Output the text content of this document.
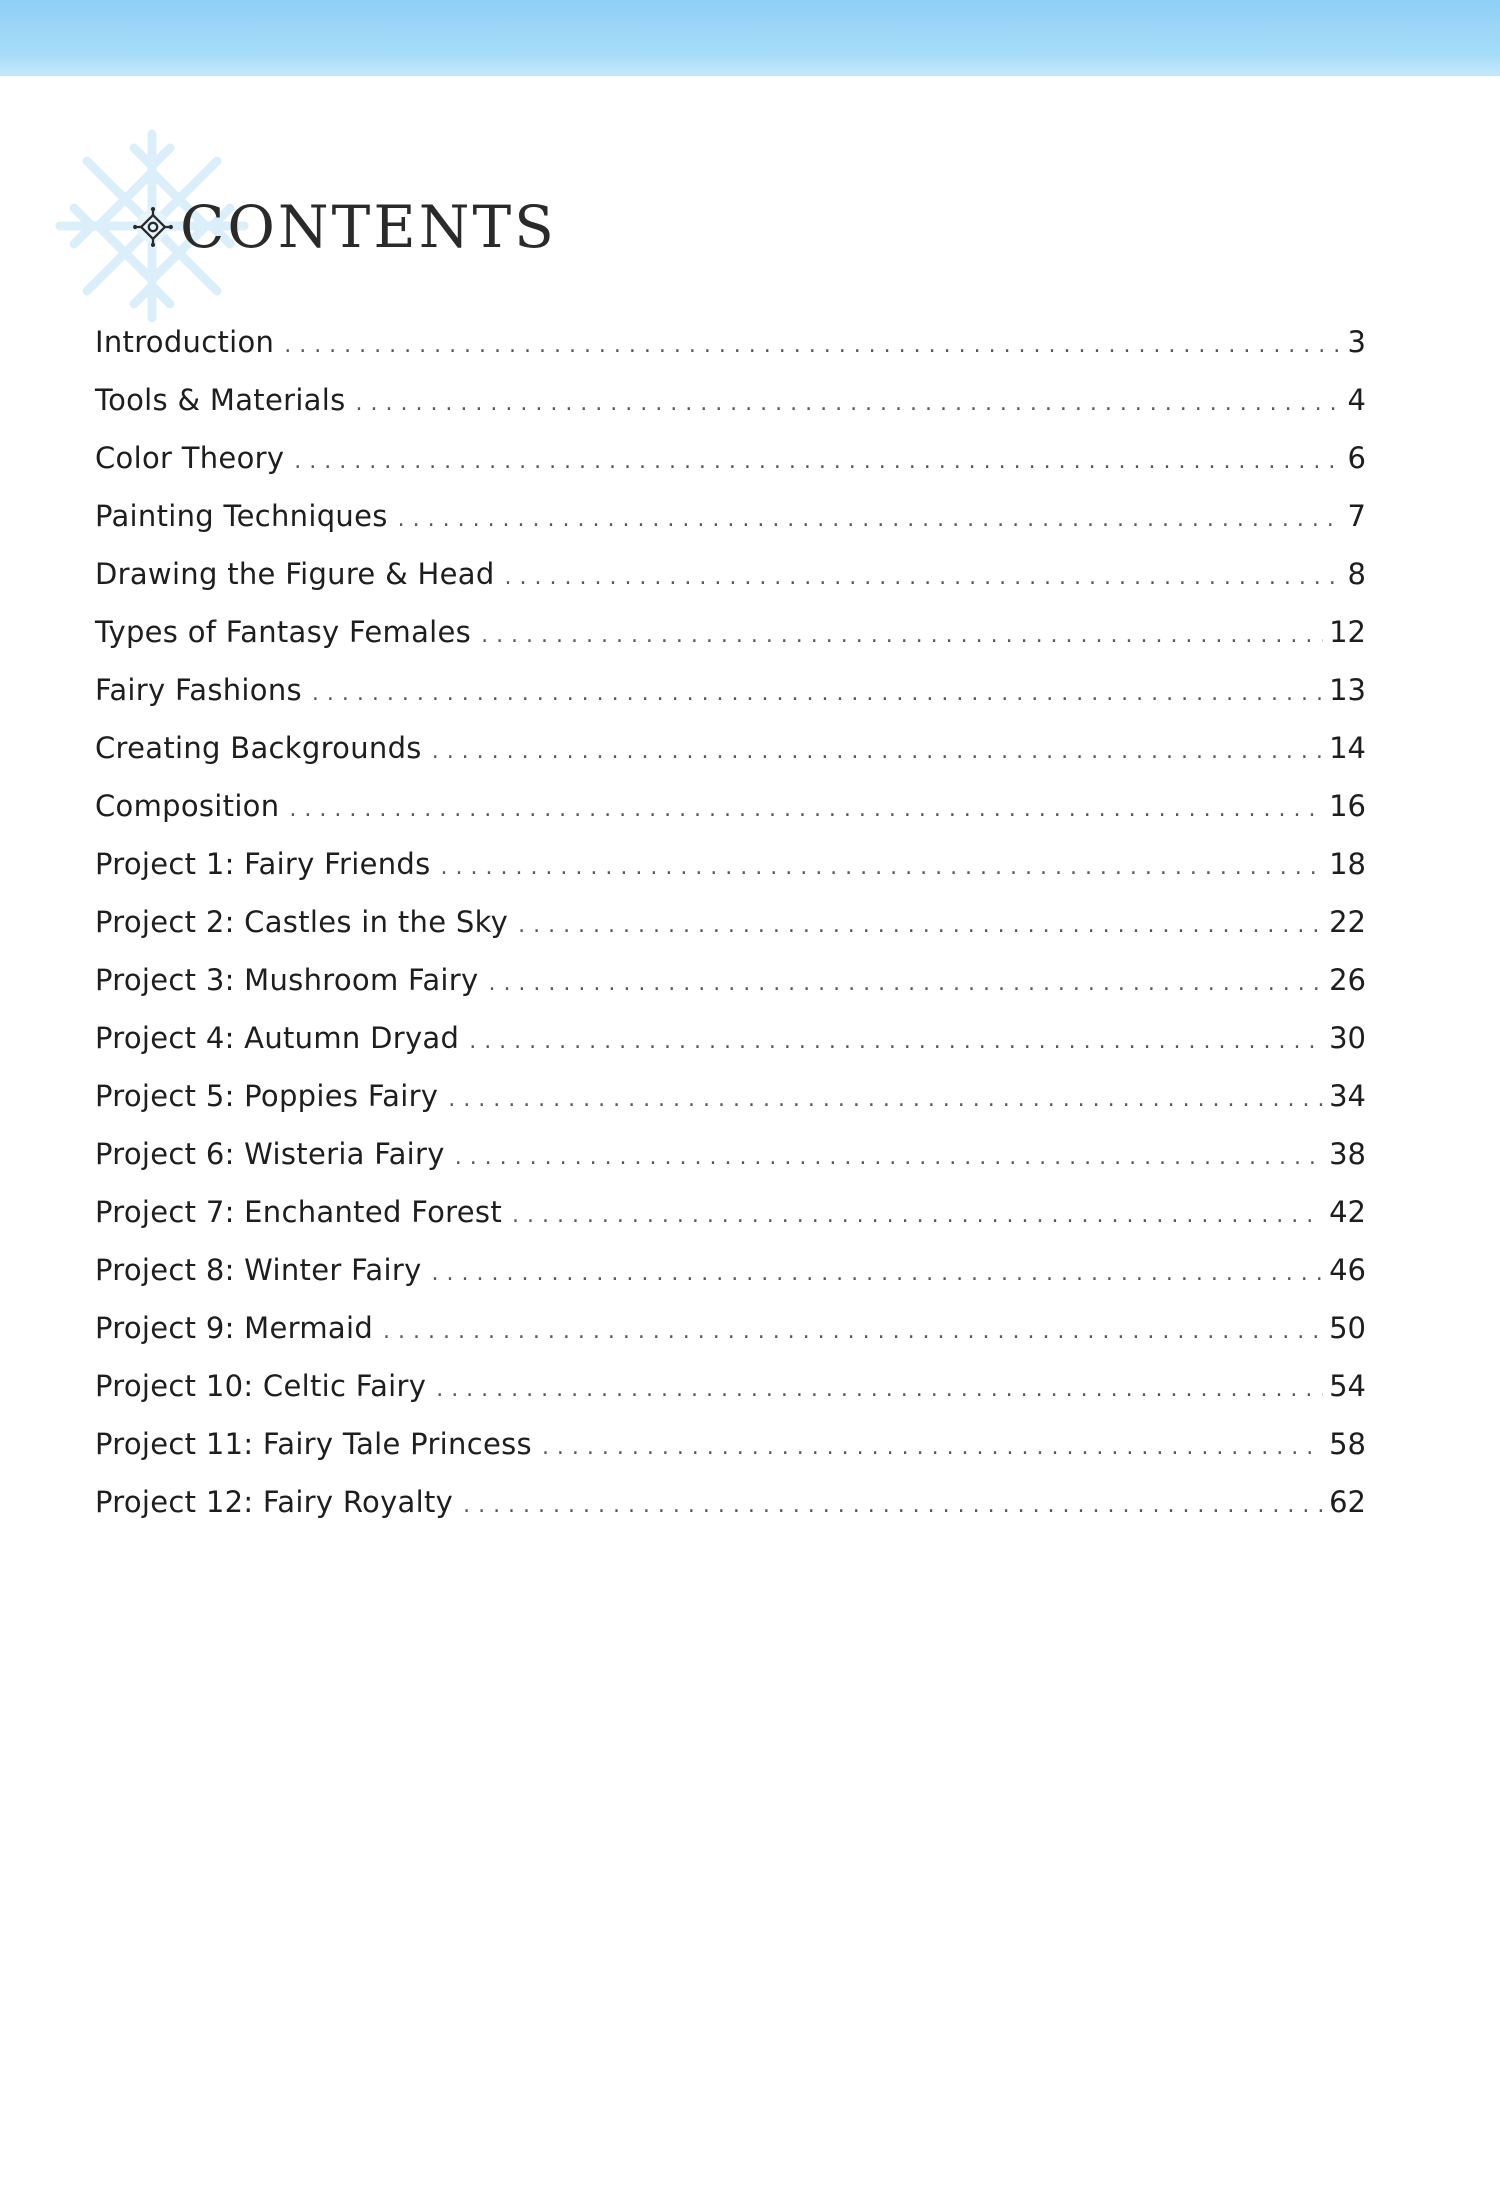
CONTENTS
Introduction . . .	3
Tools & Materials . . .	4
Color Theory . . .	6
Painting Techniques . . .	7
Drawing the Figure & Head . . .	8
Types of Fantasy Females . . .	12
Fairy Fashions . . .	13
Creating Backgrounds . . .	14
Composition . . .	16
Project 1: Fairy Friends . . .	18
Project 2: Castles in the Sky . . .	22
Project 3: Mushroom Fairy . . .	26
Project 4: Autumn Dryad . . .	30
Project 5: Poppies Fairy . . .	34
Project 6: Wisteria Fairy . . .	38
Project 7: Enchanted Forest . . .	42
Project 8: Winter Fairy . . .	46
Project 9: Mermaid . . .	50
Project 10: Celtic Fairy . . .	54
Project 11: Fairy Tale Princess . . .	58
Project 12: Fairy Royalty . . .	62
